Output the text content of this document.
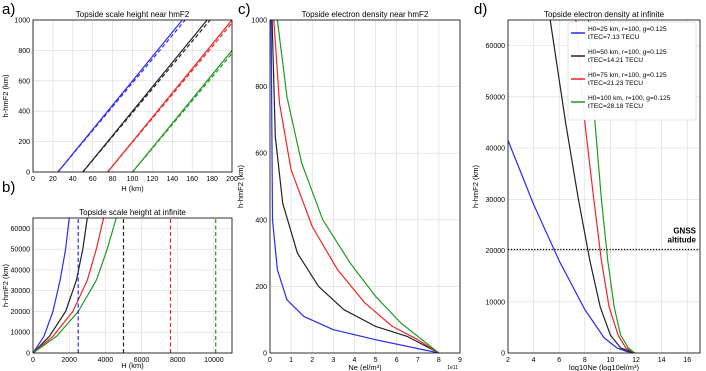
0 20 40 60 80 100 120 140 160 180 200
0
200
400
600
800
1000
Topside scale height near hmF2
a)
H (km)
h-hmF2 (km)
0	2000	4000	6000	8000	10000
0
10000
20000
30000
40000
50000
60000
Topside scale height at infinite
b)
H (km)
h-hmF2 (km)
0 1 2 3 4 5 6 7 8 9
0
200
400
600
800
1000
Topside electron density near hmF2
c)
Ne (el/m³)
h-hmF2 (km)
1e11
2	4	6	8	10	12	14	16
0
10000
20000
30000
40000
50000
60000
Topside electron density at infinite
d)
log10Ne (log10el/m³)
h-hmF2 (km)
GNSS
altitude
H0=25 km, r=100, g=0.125
tTEC=7.13 TECU
H0=50 km, r=100, g=0.125
tTEC=14.21 TECU
H0=75 km, r=100, g=0.125
tTEC=21.23 TECU
H0=100 km, r=100, g=0.125
tTEC=28.18 TECU
